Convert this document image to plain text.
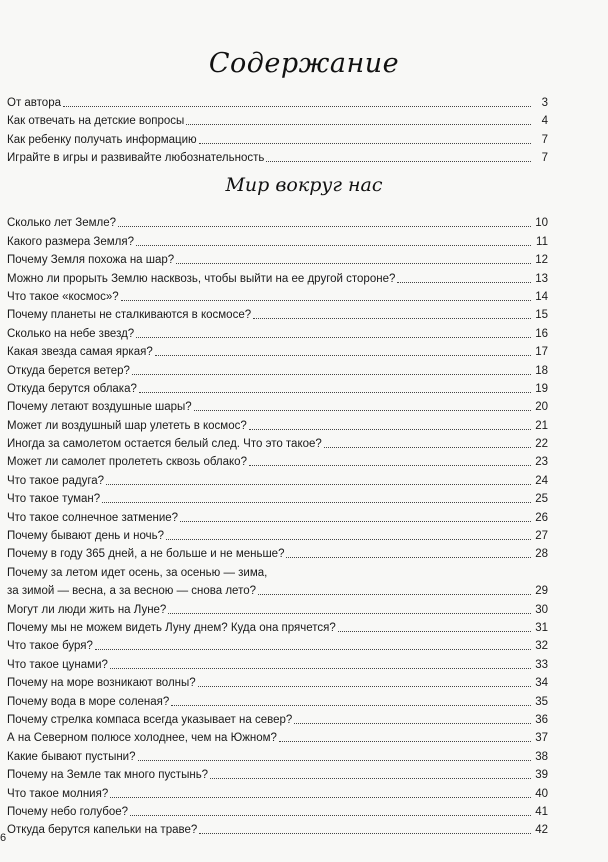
Содержание
От автора	3
Как отвечать на детские вопросы	4
Как ребенку получать информацию	7
Играйте в игры и развивайте любознательность	7
Мир вокруг нас
Сколько лет Земле?	10
Какого размера Земля?	11
Почему Земля похожа на шар?	12
Можно ли прорыть Землю насквозь, чтобы выйти на ее другой стороне?	13
Что такое «космос»?	14
Почему планеты не сталкиваются в космосе?	15
Сколько на небе звезд?	16
Какая звезда самая яркая?	17
Откуда берется ветер?	18
Откуда берутся облака?	19
Почему летают воздушные шары?	20
Может ли воздушный шар улететь в космос?	21
Иногда за самолетом остается белый след. Что это такое?	22
Может ли самолет пролететь сквозь облако?	23
Что такое радуга?	24
Что такое туман?	25
Что такое солнечное затмение?	26
Почему бывают день и ночь?	27
Почему в году 365 дней, а не больше и не меньше?	28
Почему за летом идет осень, за осенью — зима,
за зимой — весна, а за весною — снова лето?	29
Могут ли люди жить на Луне?	30
Почему мы не можем видеть Луну днем? Куда она прячется?	31
Что такое буря?	32
Что такое цунами?	33
Почему на море возникают волны?	34
Почему вода в море соленая?	35
Почему стрелка компаса всегда указывает на север?	36
А на Северном полюсе холоднее, чем на Южном?	37
Какие бывают пустыни?	38
Почему на Земле так много пустынь?	39
Что такое молния?	40
Почему небо голубое?	41
Откуда берутся капельки на траве?	42
6
